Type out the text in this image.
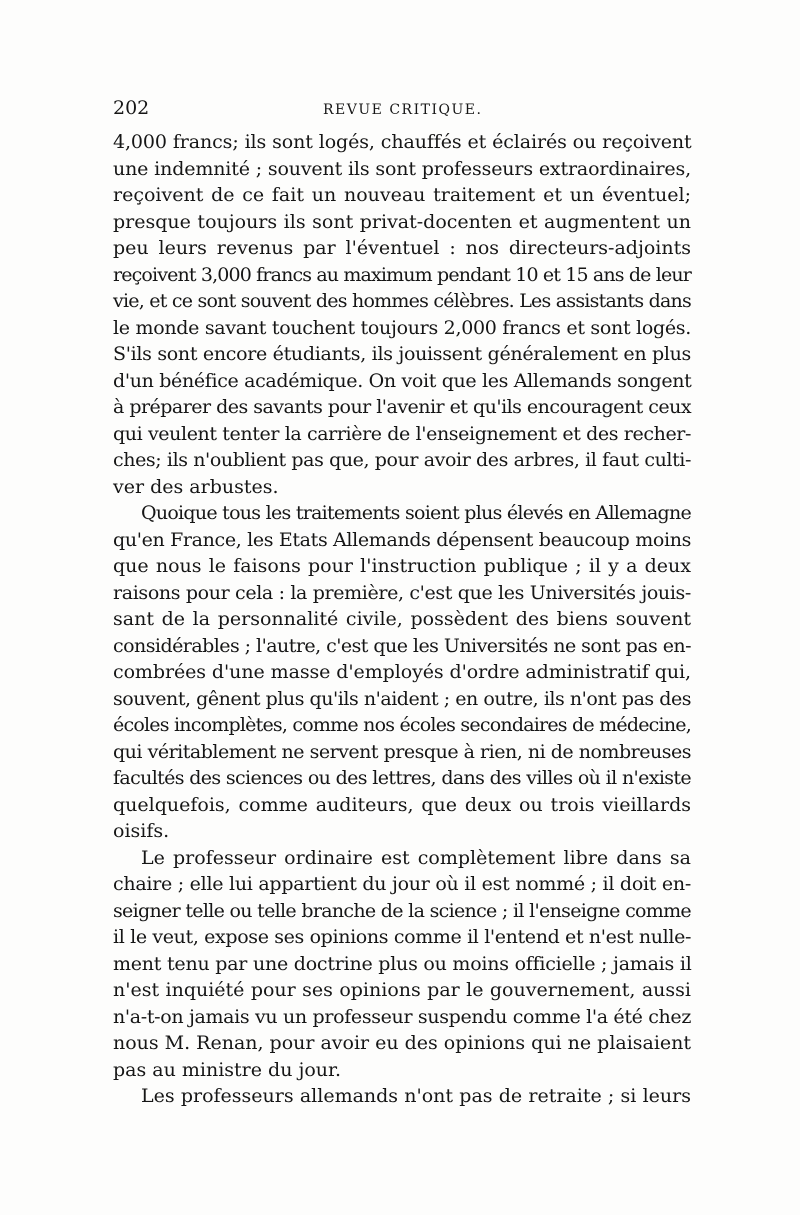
202	REVUE CRITIQUE.
4,000 francs; ils sont logés, chauffés et éclairés ou reçoivent
une indemnité ; souvent ils sont professeurs extraordinaires,
reçoivent de ce fait un nouveau traitement et un éventuel;
presque toujours ils sont privat-docenten et augmentent un
peu leurs revenus par l'éventuel : nos directeurs-adjoints
reçoivent 3,000 francs au maximum pendant 10 et 15 ans de leur
vie, et ce sont souvent des hommes célèbres. Les assistants dans
le monde savant touchent toujours 2,000 francs et sont logés.
S'ils sont encore étudiants, ils jouissent généralement en plus
d'un bénéfice académique. On voit que les Allemands songent
à préparer des savants pour l'avenir et qu'ils encouragent ceux
qui veulent tenter la carrière de l'enseignement et des recher-
ches; ils n'oublient pas que, pour avoir des arbres, il faut culti-
ver des arbustes.
Quoique tous les traitements soient plus élevés en Allemagne
qu'en France, les Etats Allemands dépensent beaucoup moins
que nous le faisons pour l'instruction publique ; il y a deux
raisons pour cela : la première, c'est que les Universités jouis-
sant de la personnalité civile, possèdent des biens souvent
considérables ; l'autre, c'est que les Universités ne sont pas en-
combrées d'une masse d'employés d'ordre administratif qui,
souvent, gênent plus qu'ils n'aident ; en outre, ils n'ont pas des
écoles incomplètes, comme nos écoles secondaires de médecine,
qui véritablement ne servent presque à rien, ni de nombreuses
facultés des sciences ou des lettres, dans des villes où il n'existe
quelquefois, comme auditeurs, que deux ou trois vieillards
oisifs.
Le professeur ordinaire est complètement libre dans sa
chaire ; elle lui appartient du jour où il est nommé ; il doit en-
seigner telle ou telle branche de la science ; il l'enseigne comme
il le veut, expose ses opinions comme il l'entend et n'est nulle-
ment tenu par une doctrine plus ou moins officielle ; jamais il
n'est inquiété pour ses opinions par le gouvernement, aussi
n'a-t-on jamais vu un professeur suspendu comme l'a été chez
nous M. Renan, pour avoir eu des opinions qui ne plaisaient
pas au ministre du jour.
Les professeurs allemands n'ont pas de retraite ; si leurs
